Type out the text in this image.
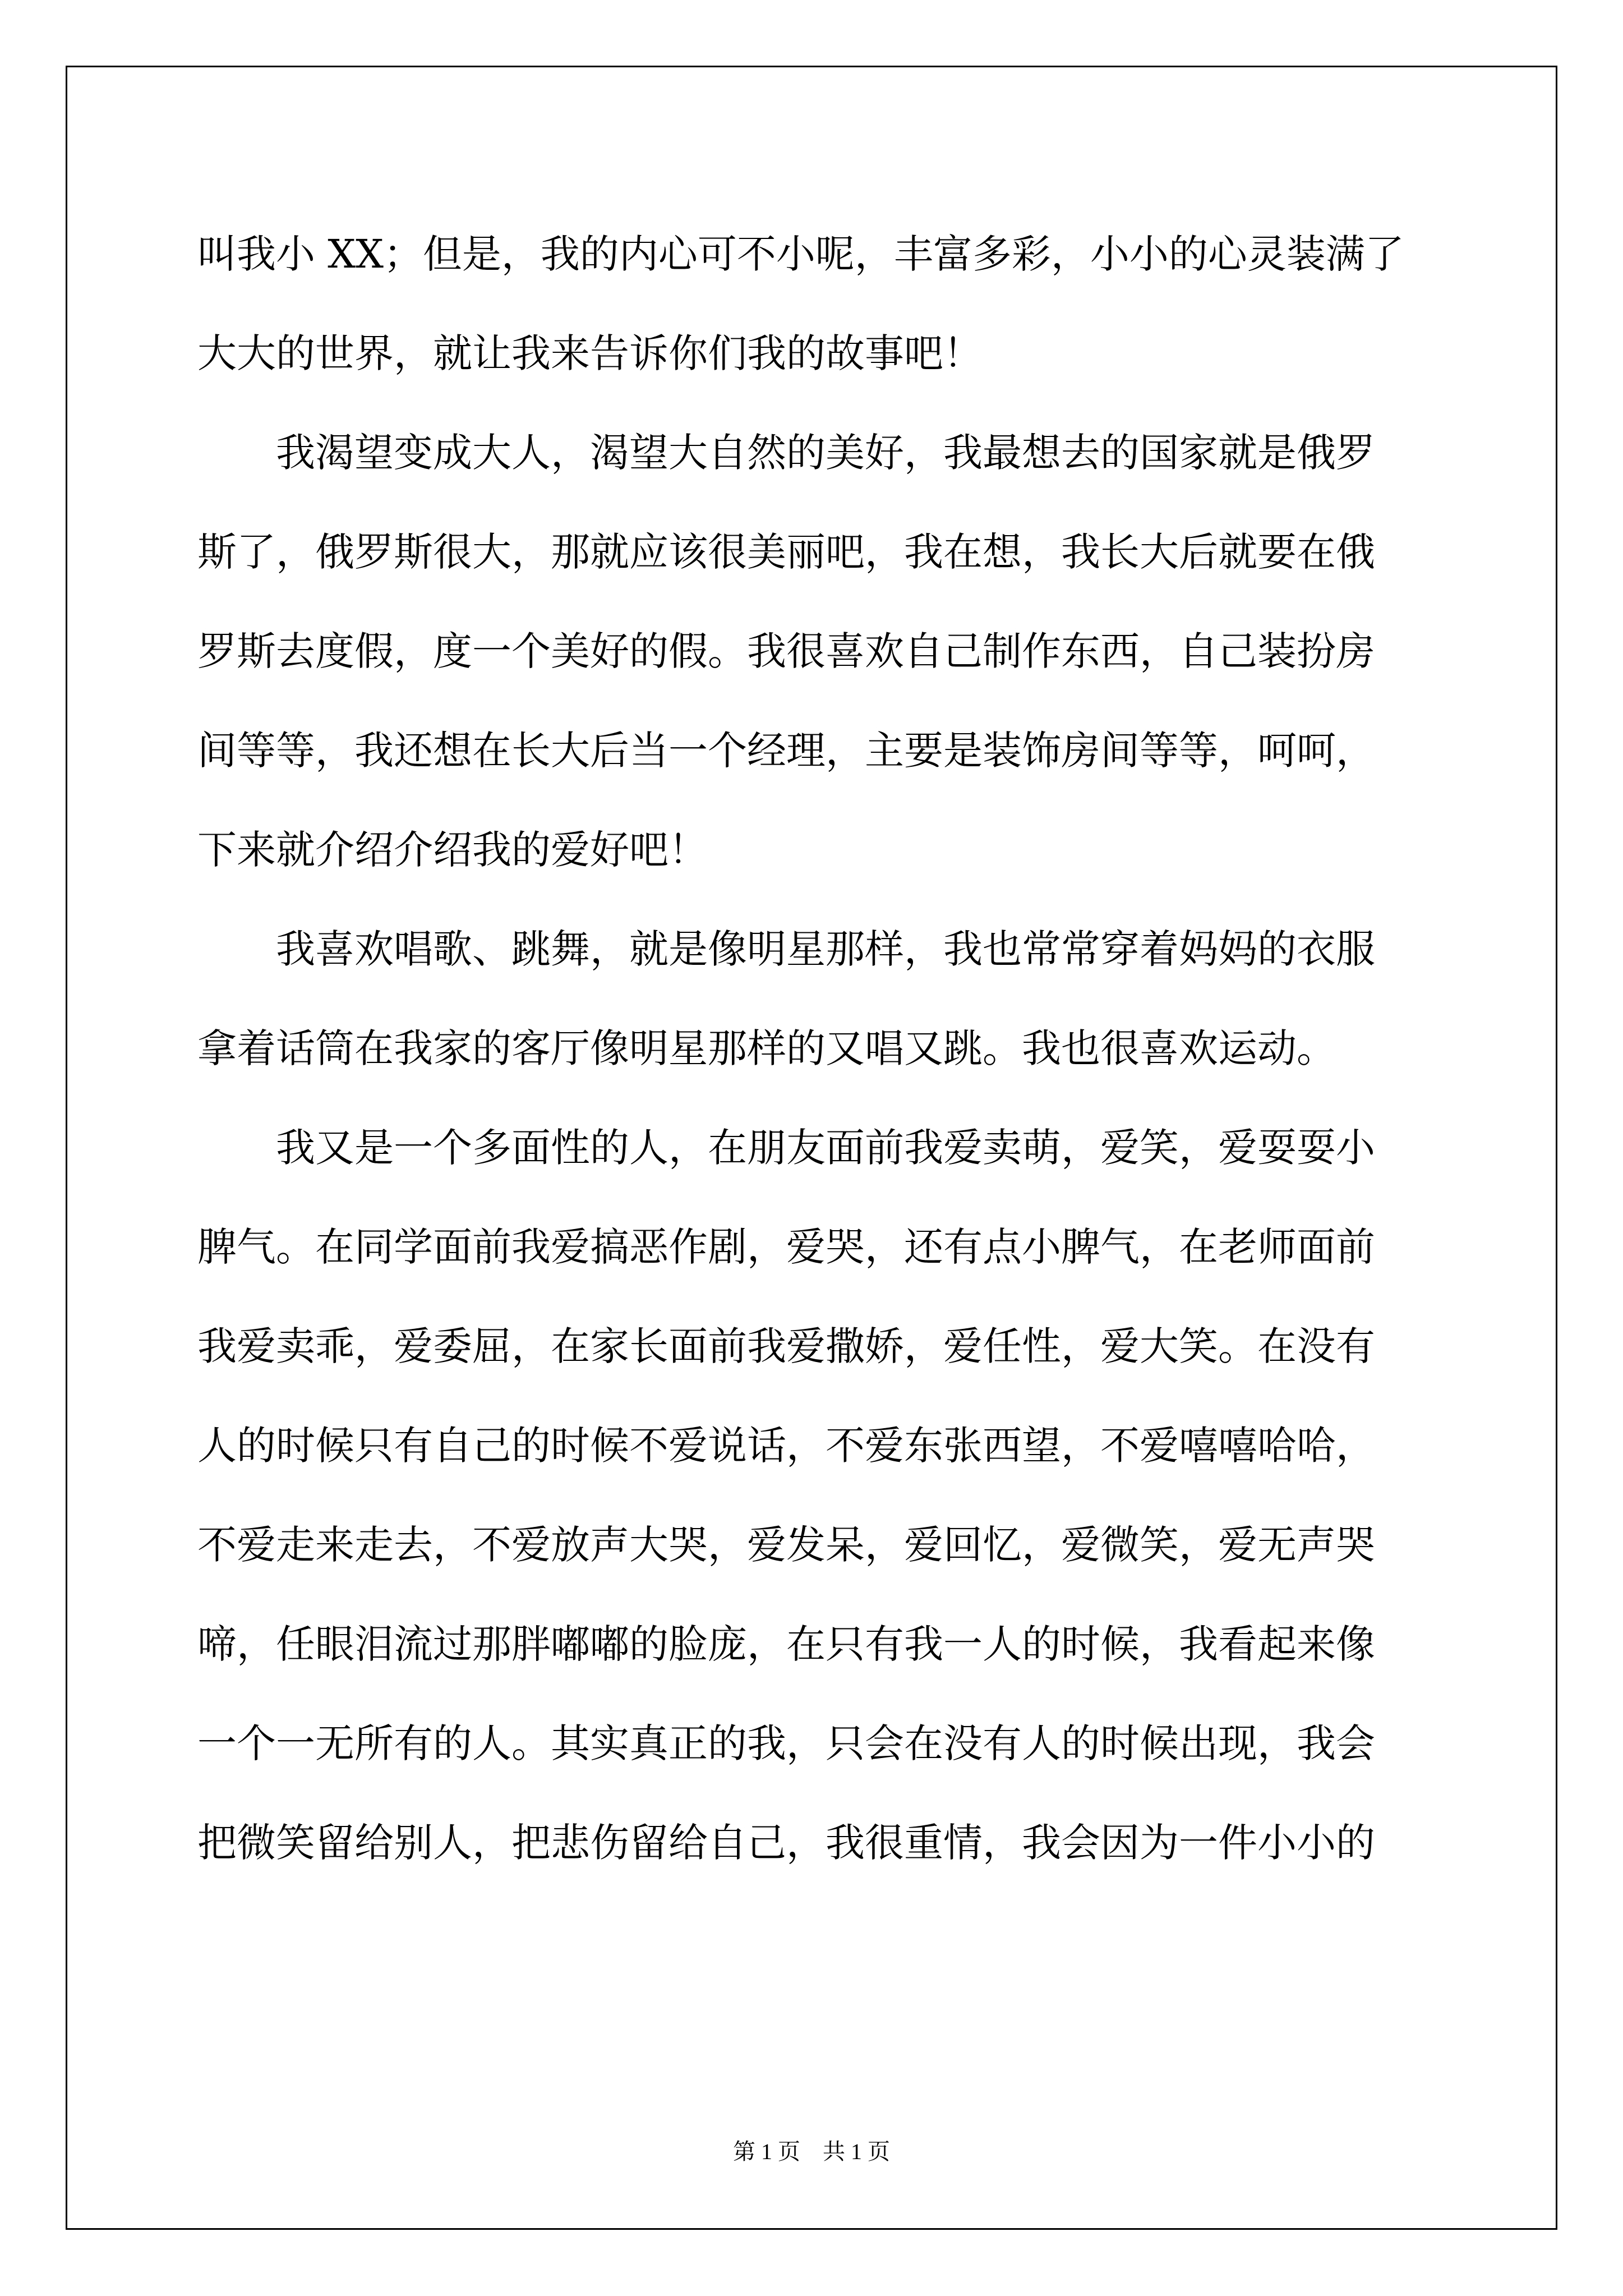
叫我小 XX；但是，我的内心可不小呢，丰富多彩，小小的心灵装满了
大大的世界，就让我来告诉你们我的故事吧！
　　我渴望变成大人，渴望大自然的美好，我最想去的国家就是俄罗
斯了，俄罗斯很大，那就应该很美丽吧，我在想，我长大后就要在俄
罗斯去度假，度一个美好的假。我很喜欢自己制作东西，自己装扮房
间等等，我还想在长大后当一个经理，主要是装饰房间等等，呵呵，
下来就介绍介绍我的爱好吧！
　　我喜欢唱歌、跳舞，就是像明星那样，我也常常穿着妈妈的衣服
拿着话筒在我家的客厅像明星那样的又唱又跳。我也很喜欢运动。
　　我又是一个多面性的人，在朋友面前我爱卖萌，爱笑，爱耍耍小
脾气。在同学面前我爱搞恶作剧，爱哭，还有点小脾气，在老师面前
我爱卖乖，爱委屈，在家长面前我爱撒娇，爱任性，爱大笑。在没有
人的时候只有自己的时候不爱说话，不爱东张西望，不爱嘻嘻哈哈，
不爱走来走去，不爱放声大哭，爱发呆，爱回忆，爱微笑，爱无声哭
啼，任眼泪流过那胖嘟嘟的脸庞，在只有我一人的时候，我看起来像
一个一无所有的人。其实真正的我，只会在没有人的时候出现，我会
把微笑留给别人，把悲伤留给自己，我很重情，我会因为一件小小的
第 1 页　共 1 页
